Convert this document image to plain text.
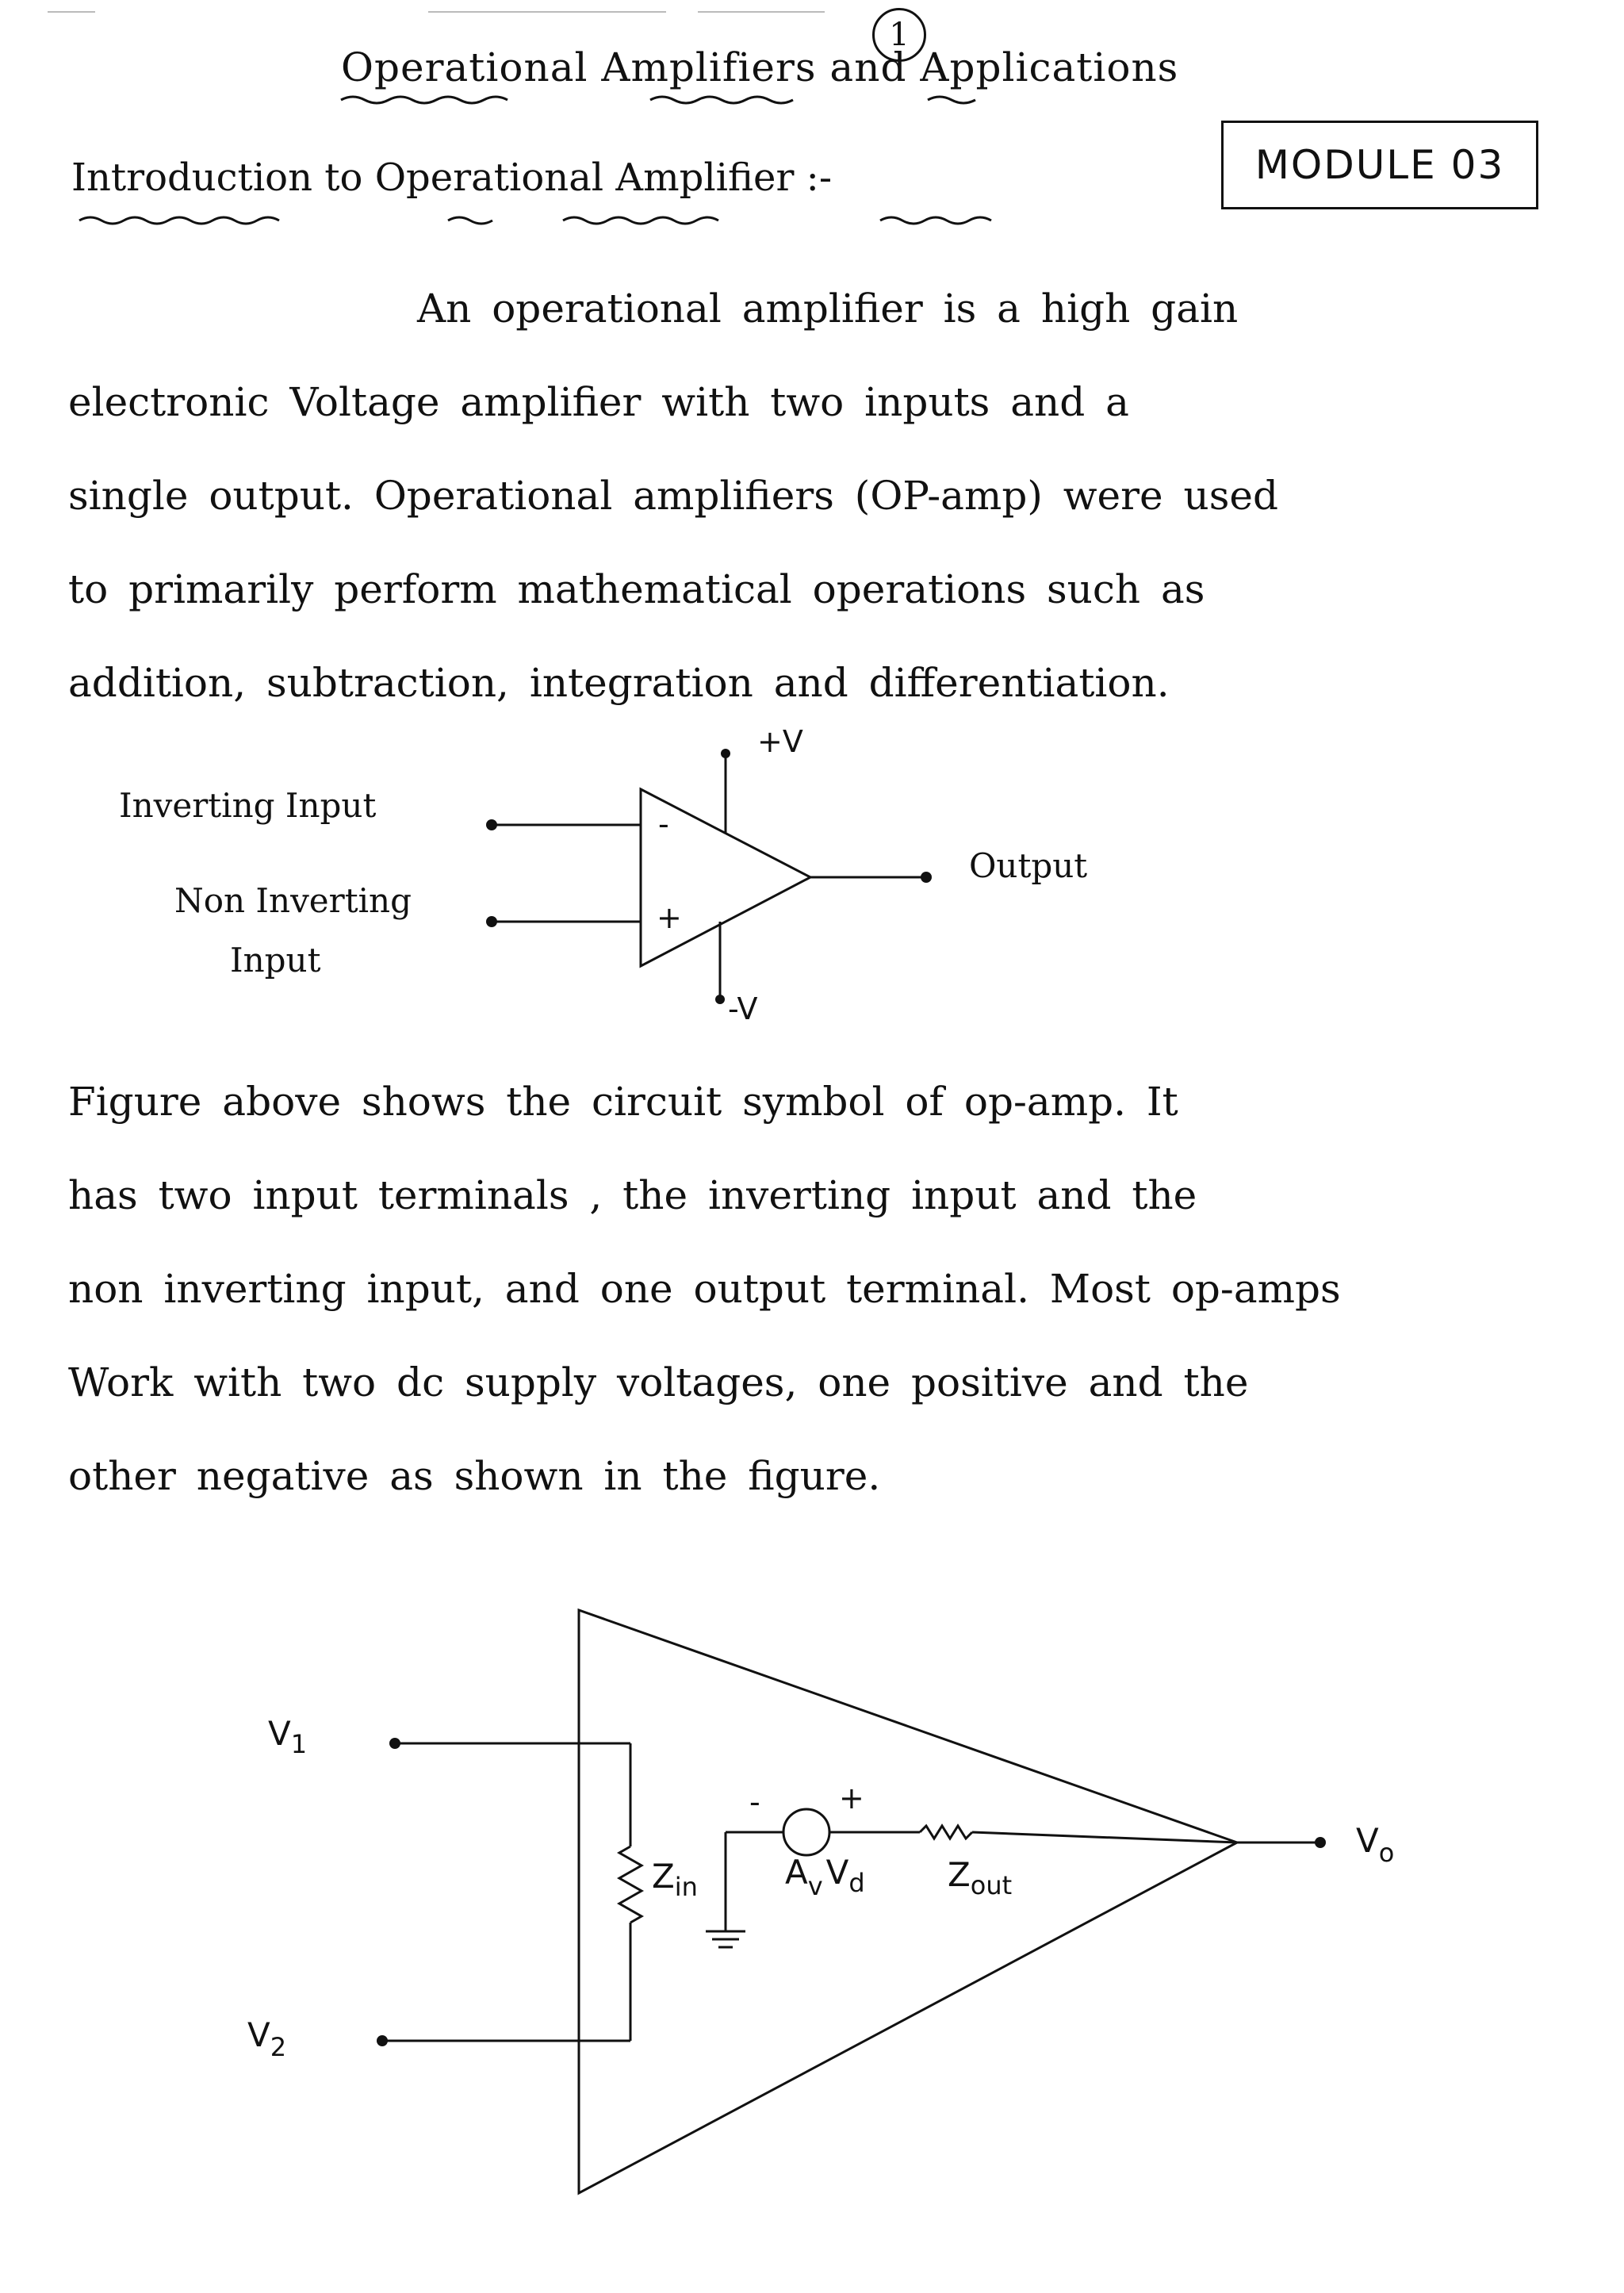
1
Operational Amplifiers and Applications
MODULE 03
Introduction to Operational Amplifier :-
An operational amplifier is a high gain
electronic Voltage amplifier with two inputs and a
single output. Operational amplifiers (OP-amp) were used
to primarily perform mathematical operations such as
addition, subtraction, integration and differentiation.
Inverting Input
Non Inverting
Input
-
+
+V
-V
Output
Figure above shows the circuit symbol of op-amp. It
has two input terminals , the inverting input and the
non inverting input, and one output terminal. Most op-amps
Work with two dc supply voltages, one positive and the
other negative as shown in the figure.
$V_1$
$V_2$
$Z_{in}$
-	+
$A_vV_d$ $Z_{out}$
$V_o$
